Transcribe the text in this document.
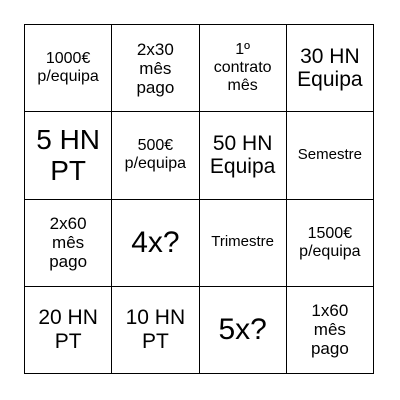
1000€
p/equipa
2x30
mês
pago
1º
contrato
mês
30 HN
Equipa
5 HN
PT
500€
p/equipa
50 HN
Equipa
Semestre
2x60
mês
pago
4x? Trimestre	1500€
p/equipa
20 HN
PT
10 HN
PT	5x?
1x60
mês
pago
